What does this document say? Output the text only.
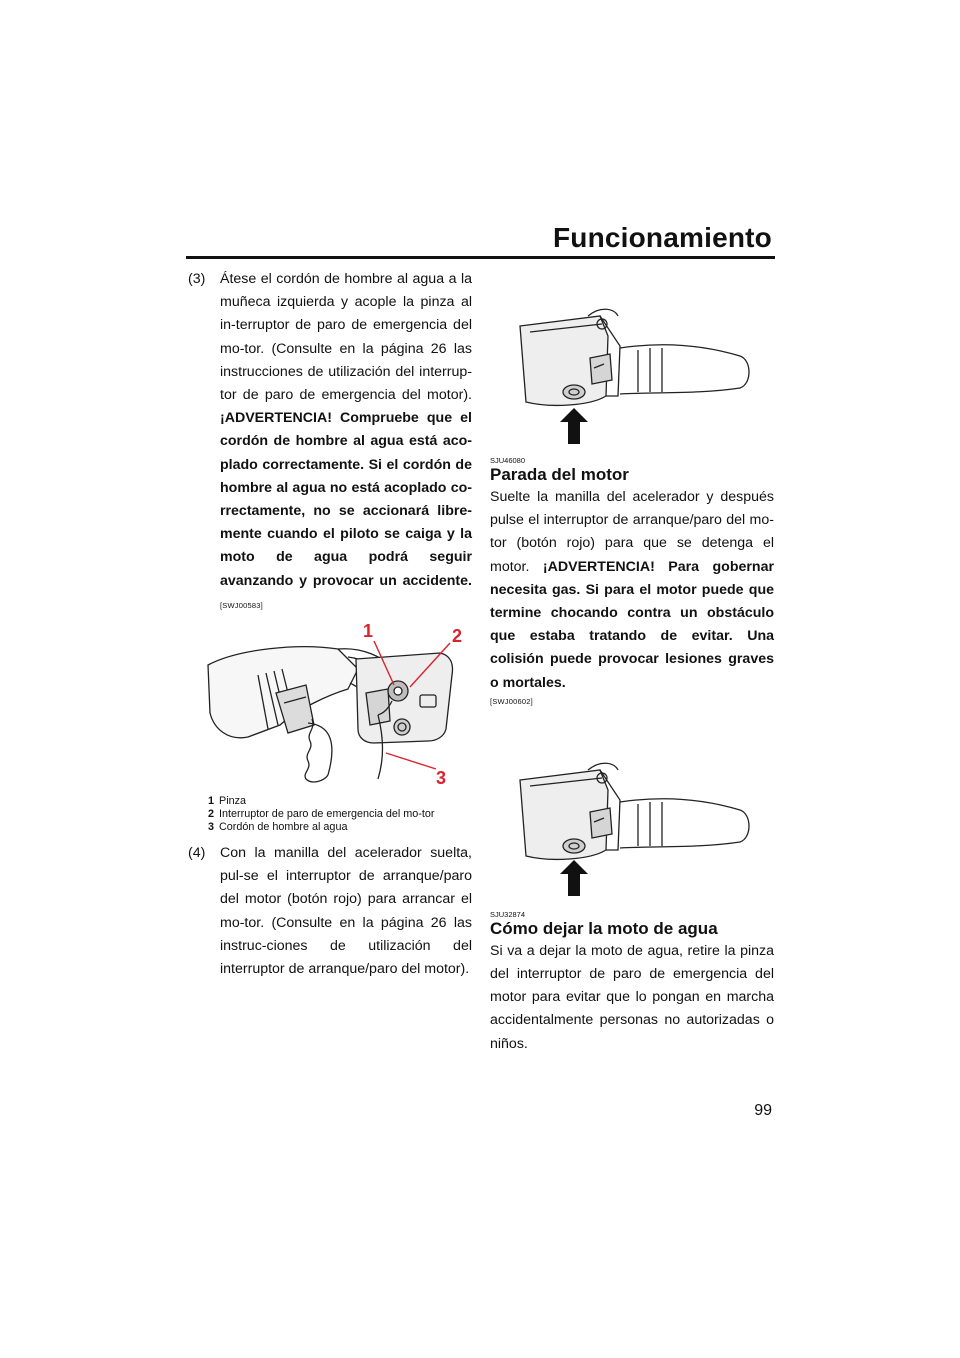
Funcionamiento

(3) Átese el cordón de hombre al agua a la muñeca izquierda y acople la pinza al in-terruptor de paro de emergencia del mo-tor. (Consulte en la página 26 las instrucciones de utilización del interrup-tor de paro de emergencia del motor). ¡ADVERTENCIA! Compruebe que el cordón de hombre al agua está aco-plado correctamente. Si el cordón de hombre al agua no está acoplado co-rrectamente, no se accionará libre-mente cuando el piloto se caiga y la moto de agua podrá seguir avanzando y provocar un accidente. [SWJ00583]

1	2
3
1 Pinza
2 Interruptor de paro de emergencia del mo-tor
3 Cordón de hombre al agua

(4) Con la manilla del acelerador suelta, pul-se el interruptor de arranque/paro del motor (botón rojo) para arrancar el mo-tor. (Consulte en la página 26 las instruc-ciones de utilización del interruptor de arranque/paro del motor).

SJU46080
Parada del motor

Suelte la manilla del acelerador y después pulse el interruptor de arranque/paro del mo-tor (botón rojo) para que se detenga el motor. ¡ADVERTENCIA! Para gobernar necesita gas. Si para el motor puede que termine chocando contra un obstáculo que estaba tratando de evitar. Una colisión puede provocar lesiones graves o mortales.

[SWJ00602]
SJU32874
Cómo dejar la moto de agua

Si va a dejar la moto de agua, retire la pinza del interruptor de paro de emergencia del motor para evitar que lo pongan en marcha accidentalmente personas no autorizadas o niños.

99
